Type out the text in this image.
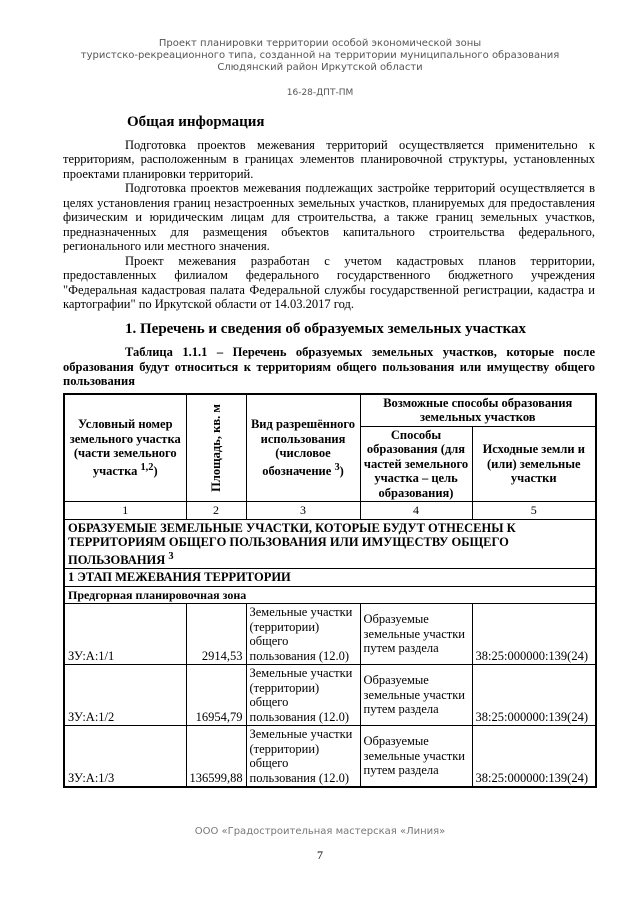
Проект планировки территории особой экономической зоны
туристско-рекреационного типа, созданной на территории муниципального образования
Слюдянский район Иркутской области
16-28-ДПТ-ПМ
Общая информация

Подготовка проектов межевания территорий осуществляется применительно к территориям, расположенным в границах элементов планировочной структуры, установленных проектами планировки территорий.

Подготовка проектов межевания подлежащих застройке территорий осуществляется в целях установления границ незастроенных земельных участков, планируемых для предоставления физическим и юридическим лицам для строительства, а также границ земельных участков, предназначенных для размещения объектов капитального строительства федерального, регионального или местного значения.

Проект межевания разработан с учетом кадастровых планов территории, предоставленных филиалом федерального государственного бюджетного учреждения "Федеральная кадастровая палата Федеральной службы государственной регистрации, кадастра и картографии" по Иркутской области от 14.03.2017 год.

1. Перечень и сведения об образуемых земельных участках

Таблица 1.1.1 – Перечень образуемых земельных участков, которые после образования будут относиться к территориям общего пользования или имуществу общего пользования

Условный номер земельного участка (части земельного участка $^{1,2}$)	Площадь, кв. м	Вид разрешённого использования (числовое обозначение $^3$)	Возможные способы образования земельных участков	
			Способы образования (для частей земельного участка – цель образования)	Исходные земли и (или) земельные участки
1	2	3	4	5
ОБРАЗУЕМЫЕ ЗЕМЕЛЬНЫЕ УЧАСТКИ, КОТОРЫЕ БУДУТ ОТНЕСЕНЫ К ТЕРРИТОРИЯМ ОБЩЕГО ПОЛЬЗОВАНИЯ ИЛИ ИМУЩЕСТВУ ОБЩЕГО ПОЛЬЗОВАНИЯ $^3$
1 ЭТАП МЕЖЕВАНИЯ ТЕРРИТОРИИ				
Предгорная планировочная зона				
ЗУ:А:1/1	2914,53	Земельные участки (территории) общего пользования (12.0)	Образуемые земельные участки путем раздела	38:25:000000:139(24)
ЗУ:А:1/2	16954,79	Земельные участки (территории) общего пользования (12.0)	Образуемые земельные участки путем раздела	38:25:000000:139(24)
ЗУ:А:1/3	136599,88	Земельные участки (территории) общего пользования (12.0)	Образуемые земельные участки путем раздела	38:25:000000:139(24)
ООО «Градостроительная мастерская «Линия»
7
